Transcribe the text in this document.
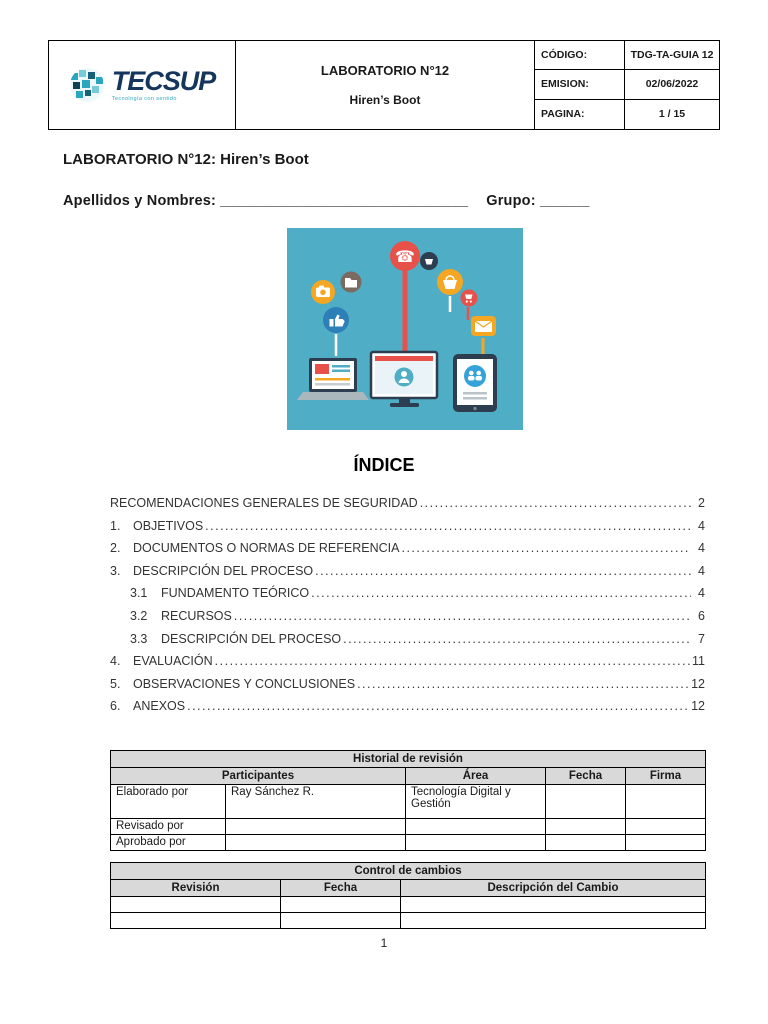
TECSUP
Tecnología con sentido
LABORATORIO N°12
Hiren’s Boot
CÓDIGO:	TDG-TA-GUIA 12
EMISION:	02/06/2022
PAGINA:	1 / 15
LABORATORIO N°12: Hiren’s Boot
Apellidos y Nombres: ______________________________ Grupo: ______
☎
ÍNDICE
RECOMENDACIONES GENERALES DE SEGURIDAD .....	2
1.	OBJETIVOS .....	4
2.	DOCUMENTOS O NORMAS DE REFERENCIA .....	4
3.	DESCRIPCIÓN DEL PROCESO .....	4
3.1	FUNDAMENTO TEÓRICO .....	4
3.2	RECURSOS .....	6
3.3	DESCRIPCIÓN DEL PROCESO .....	7
4.	EVALUACIÓN .....	11
5.	OBSERVACIONES Y CONCLUSIONES .....	12
6.	ANEXOS .....	12
Historial de revisión				
Participantes		Área	Fecha	Firma
Elaborado por	Ray Sánchez R.	Tecnología Digital y Gestión		
Revisado por				
Aprobado por				
Control de cambios		
Revisión	Fecha	Descripción del Cambio

1
